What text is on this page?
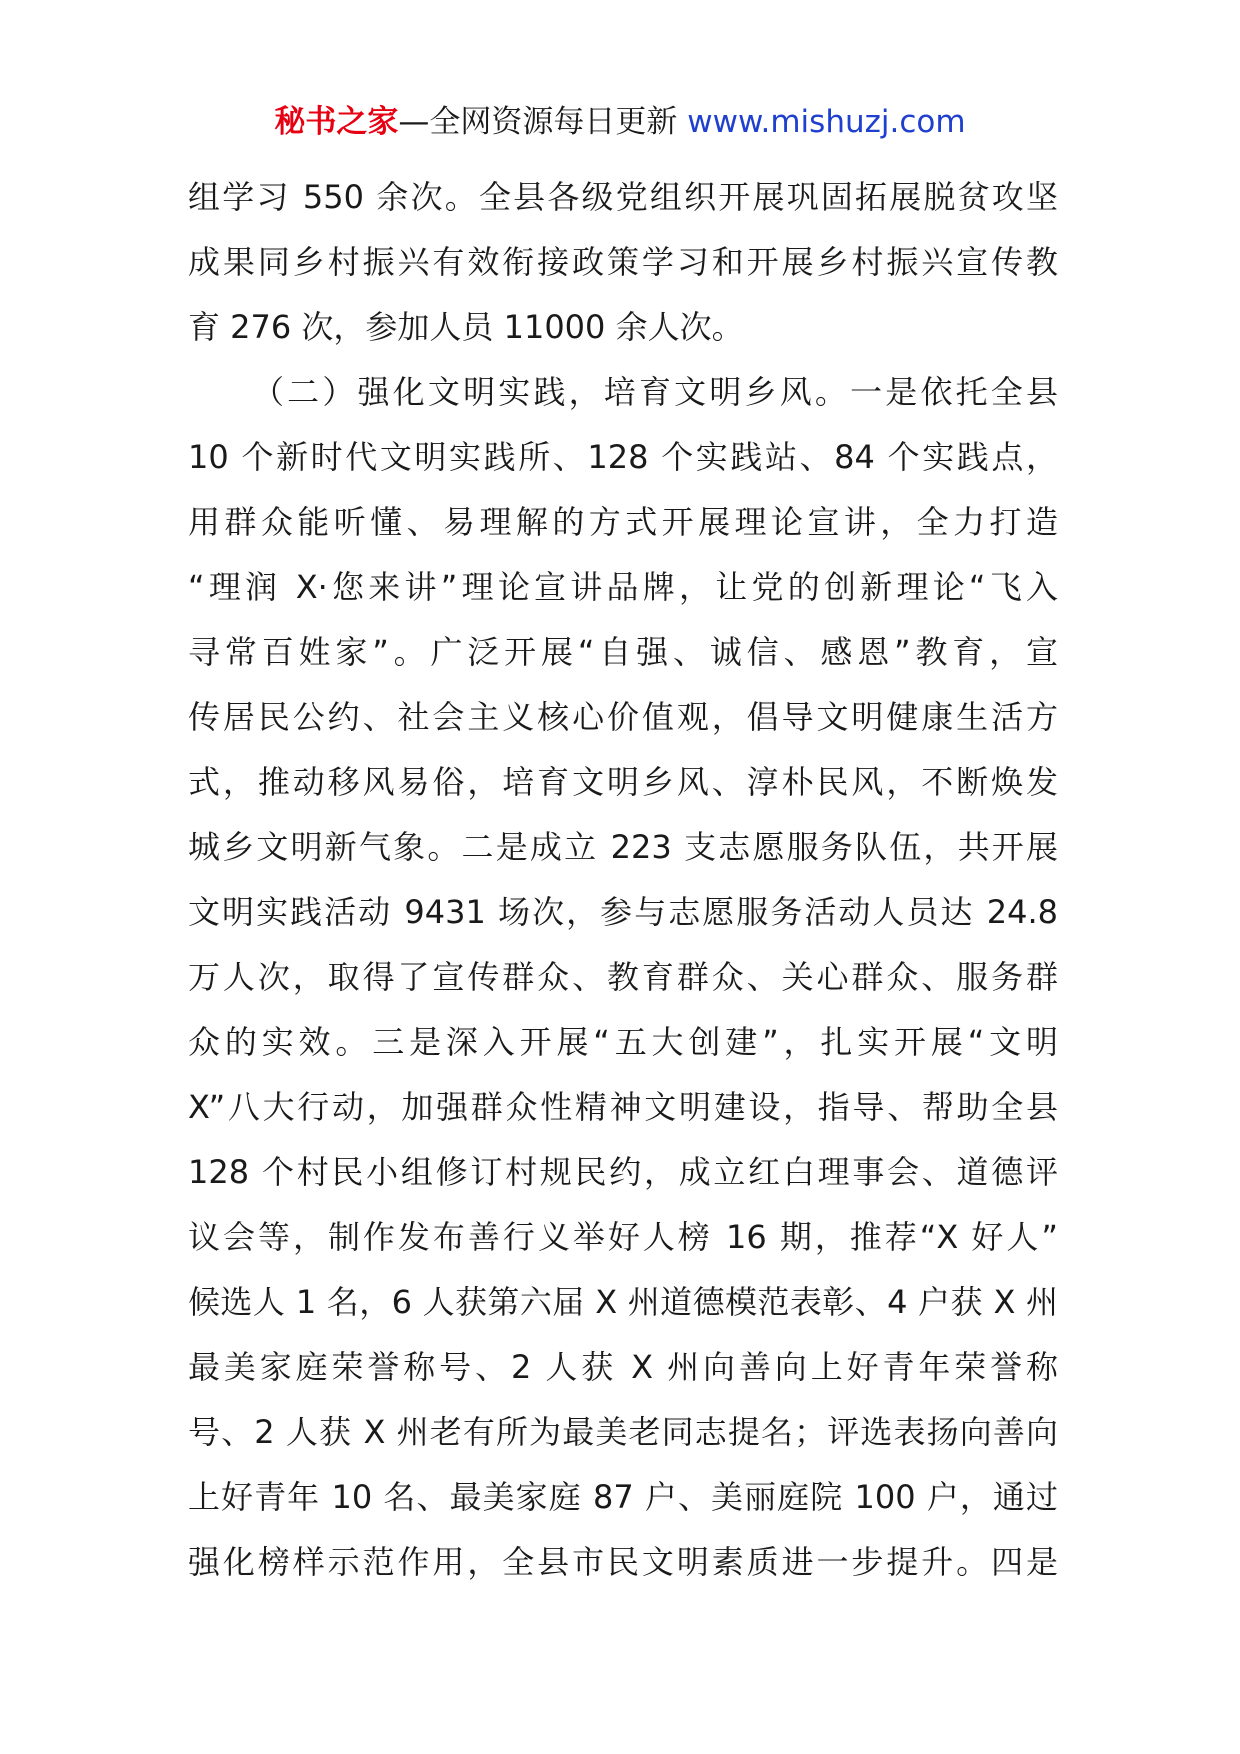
秘书之家—全网资源每日更新 www.mishuzj.com
组学习 550 余次。全县各级党组织开展巩固拓展脱贫攻坚
成果同乡村振兴有效衔接政策学习和开展乡村振兴宣传教
育 276 次，参加人员 11000 余人次。
（二）强化文明实践，培育文明乡风。一是依托全县
10 个新时代文明实践所、128 个实践站、84 个实践点，
用群众能听懂、易理解的方式开展理论宣讲，全力打造
“理润 X·您来讲”理论宣讲品牌，让党的创新理论“飞入
寻常百姓家”。广泛开展“自强、诚信、感恩”教育，宣
传居民公约、社会主义核心价值观，倡导文明健康生活方
式，推动移风易俗，培育文明乡风、淳朴民风，不断焕发
城乡文明新气象。二是成立 223 支志愿服务队伍，共开展
文明实践活动 9431 场次，参与志愿服务活动人员达 24.8
万人次，取得了宣传群众、教育群众、关心群众、服务群
众的实效。三是深入开展“五大创建”，扎实开展“文明
X”八大行动，加强群众性精神文明建设，指导、帮助全县
128 个村民小组修订村规民约，成立红白理事会、道德评
议会等，制作发布善行义举好人榜 16 期，推荐“X 好人”
候选人 1 名，6 人获第六届 X 州道德模范表彰、4 户获 X 州
最美家庭荣誉称号、2 人获 X 州向善向上好青年荣誉称
号、2 人获 X 州老有所为最美老同志提名；评选表扬向善向
上好青年 10 名、最美家庭 87 户、美丽庭院 100 户，通过
强化榜样示范作用，全县市民文明素质进一步提升。四是
